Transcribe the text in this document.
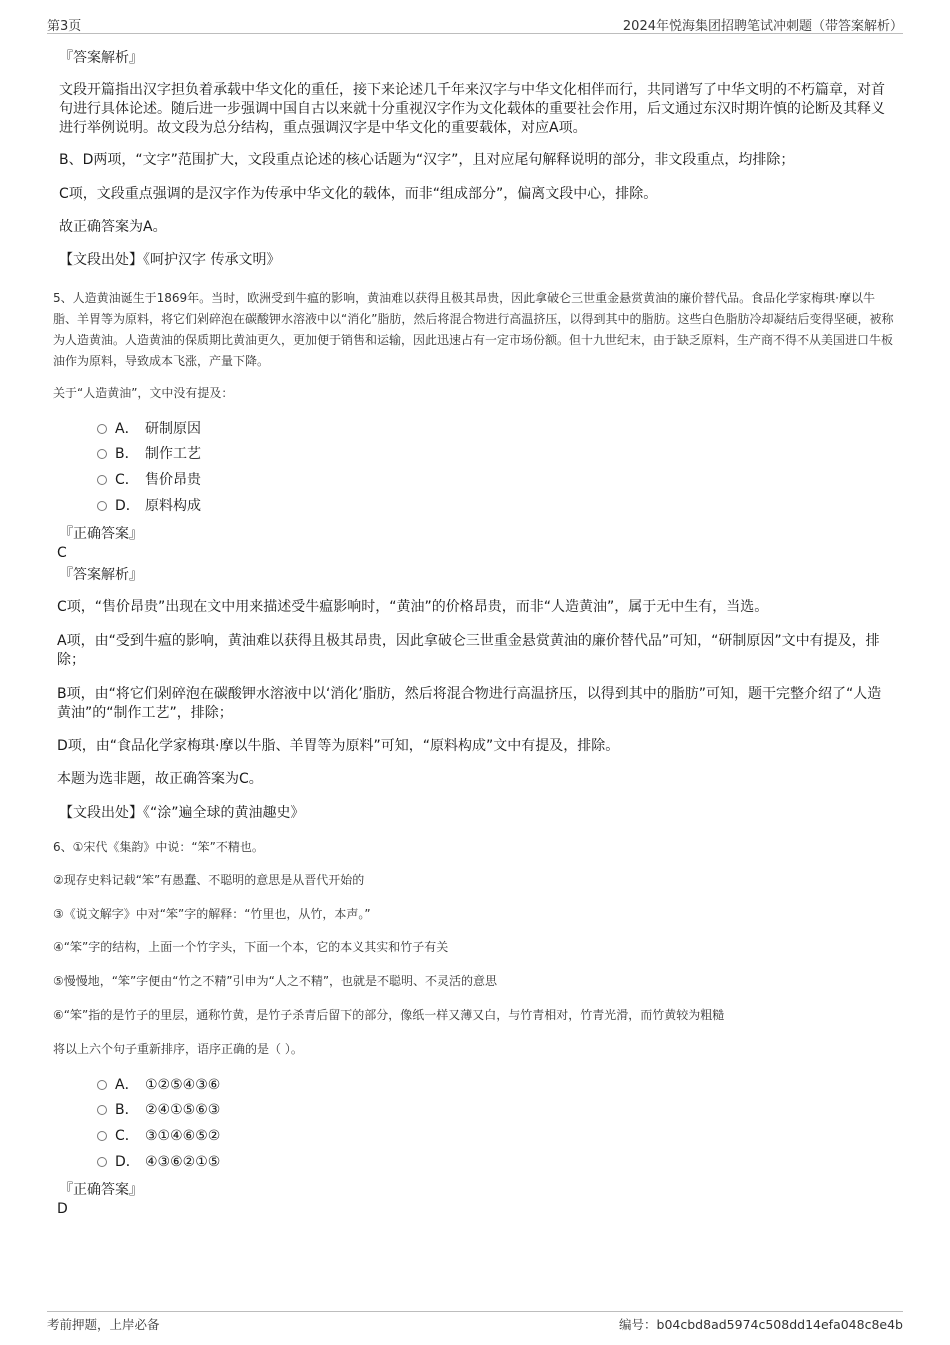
第3页	2024年悦海集团招聘笔试冲刺题（带答案解析）

『答案解析』

文段开篇指出汉字担负着承载中华文化的重任，接下来论述几千年来汉字与中华文化相伴而行，共同谱写了中华文明的不朽篇章，对首句进行具体论述。随后进一步强调中国自古以来就十分重视汉字作为文化载体的重要社会作用，后文通过东汉时期许慎的论断及其释义进行举例说明。故文段为总分结构，重点强调汉字是中华文化的重要载体，对应A项。

B、D两项，“文字”范围扩大，文段重点论述的核心话题为“汉字”，且对应尾句解释说明的部分，非文段重点，均排除；

C项，文段重点强调的是汉字作为传承中华文化的载体，而非“组成部分”，偏离文段中心，排除。

故正确答案为A。

【文段出处】《呵护汉字 传承文明》

5、人造黄油诞生于1869年。当时，欧洲受到牛瘟的影响，黄油难以获得且极其昂贵，因此拿破仑三世重金悬赏黄油的廉价替代品。食品化学家梅琪·摩以牛脂、羊胃等为原料，将它们剁碎泡在碳酸钾水溶液中以“消化”脂肪，然后将混合物进行高温挤压，以得到其中的脂肪。这些白色脂肪冷却凝结后变得坚硬，被称为人造黄油。人造黄油的保质期比黄油更久，更加便于销售和运输，因此迅速占有一定市场份额。但十九世纪末，由于缺乏原料，生产商不得不从美国进口牛板油作为原料，导致成本飞涨，产量下降。

关于“人造黄油”，文中没有提及：

A． 研制原因
B． 制作工艺
C． 售价昂贵
D． 原料构成

『正确答案』

C

『答案解析』

C项，“售价昂贵”出现在文中用来描述受牛瘟影响时，“黄油”的价格昂贵，而非“人造黄油”，属于无中生有，当选。

A项，由“受到牛瘟的影响，黄油难以获得且极其昂贵，因此拿破仑三世重金悬赏黄油的廉价替代品”可知，“研制原因”文中有提及，排除；

B项，由“将它们剁碎泡在碳酸钾水溶液中以‘消化’脂肪，然后将混合物进行高温挤压，以得到其中的脂肪”可知，题干完整介绍了“人造黄油”的“制作工艺”，排除；

D项，由“食品化学家梅琪·摩以牛脂、羊胃等为原料”可知，“原料构成”文中有提及，排除。

本题为选非题，故正确答案为C。

【文段出处】《“涂”遍全球的黄油趣史》

6、①宋代《集韵》中说：“笨”不精也。

②现存史料记载“笨”有愚蠢、不聪明的意思是从晋代开始的

③《说文解字》中对“笨”字的解释：“竹里也，从竹，本声。”

④“笨”字的结构，上面一个竹字头，下面一个本，它的本义其实和竹子有关

⑤慢慢地，“笨”字便由“竹之不精”引申为“人之不精”，也就是不聪明、不灵活的意思

⑥“笨”指的是竹子的里层，通称竹黄，是竹子杀青后留下的部分，像纸一样又薄又白，与竹青相对，竹青光滑，而竹黄较为粗糙

将以上六个句子重新排序，语序正确的是（ ）。

A． ①②⑤④③⑥
B． ②④①⑤⑥③
C． ③①④⑥⑤②
D． ④③⑥②①⑤

『正确答案』

D

考前押题，上岸必备	编号：b04cbd8ad5974c508dd14efa048c8e4b
